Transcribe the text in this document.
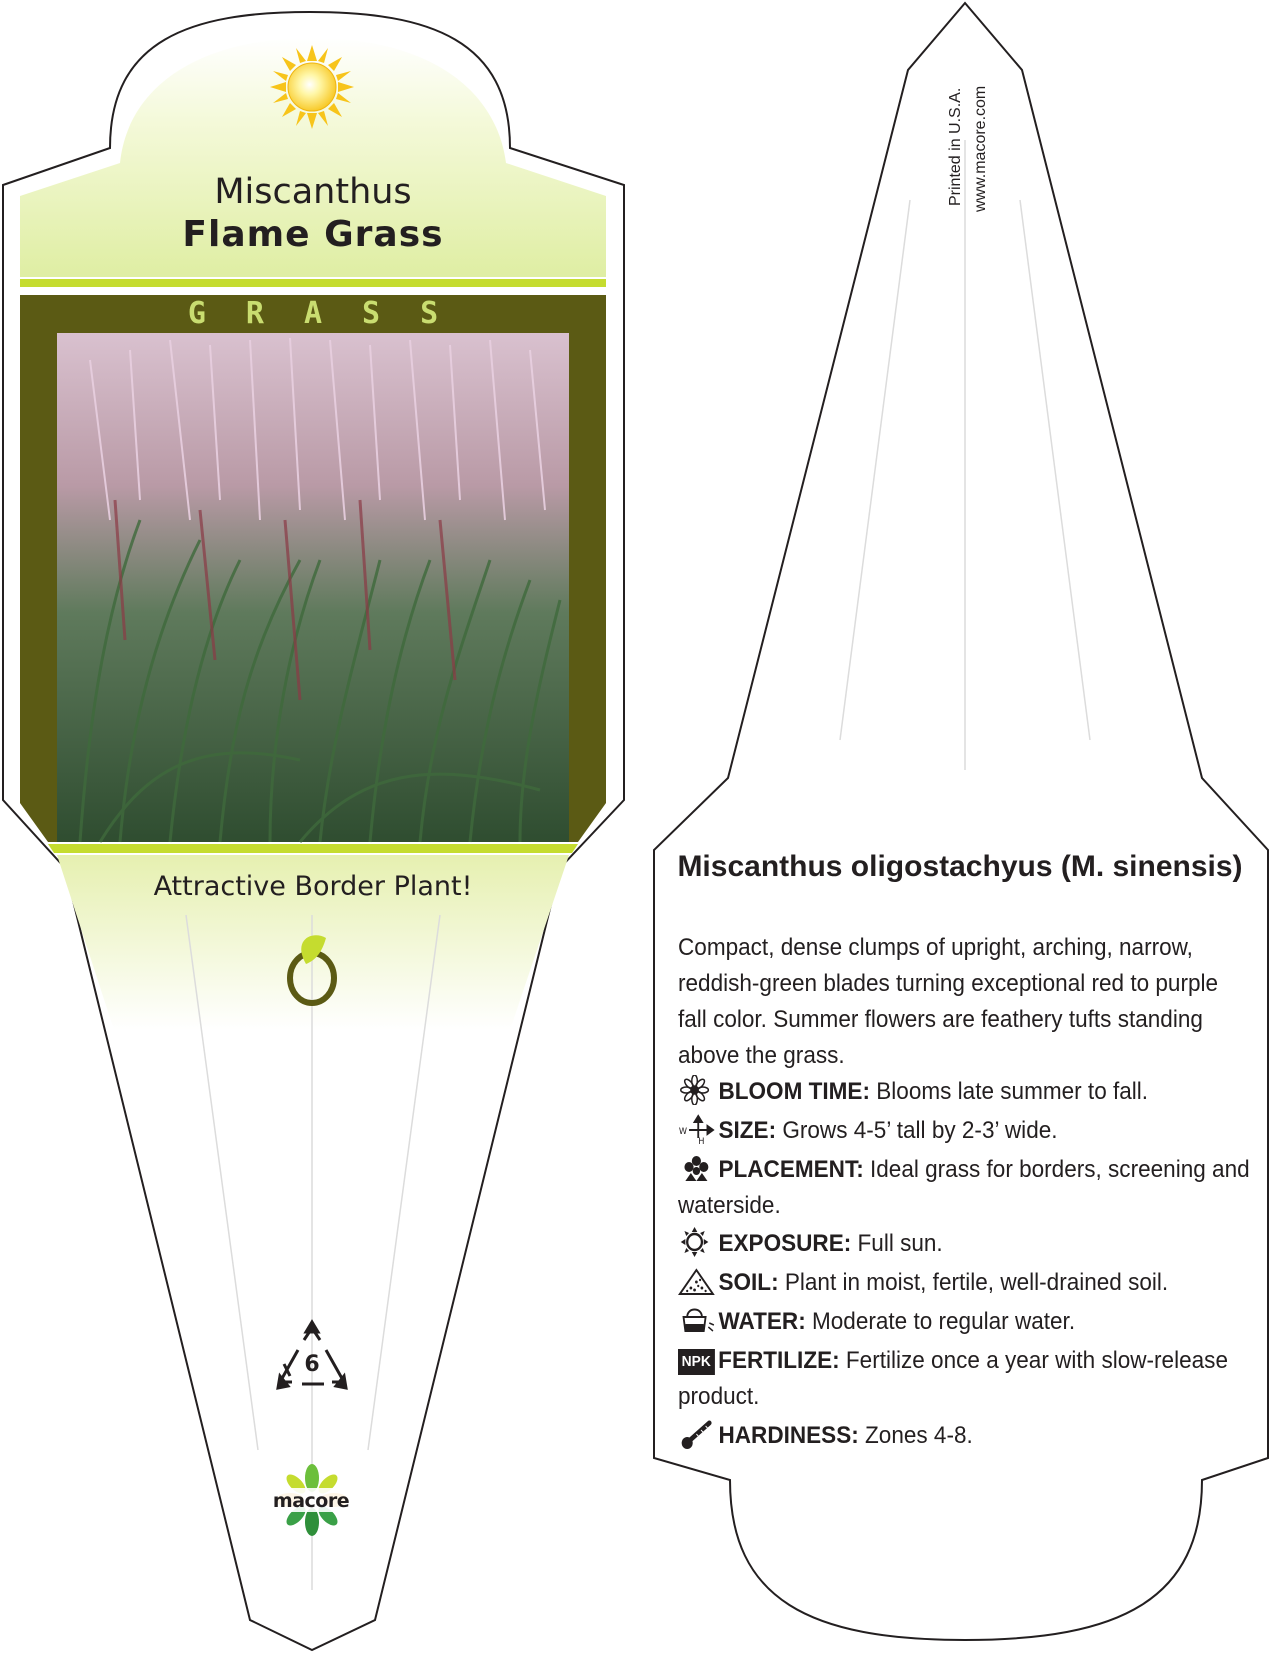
Miscanthus
Flame Grass
GRASS
Attractive Border Plant!
6
macore
Printed in U.S.A. www.macore.com
Miscanthus oligostachyus (M. sinensis)
Compact, dense clumps of upright, arching, narrow, reddish-green blades turning exceptional red to purple fall color. Summer flowers are feathery tufts standing above the grass.
BLOOM TIME: Blooms late summer to fall.
W
H SIZE: Grows 4-5’ tall by 2-3’ wide.
PLACEMENT: Ideal grass for borders, screening and waterside.
EXPOSURE: Full sun.
SOIL: Plant in moist, fertile, well-drained soil.
WATER: Moderate to regular water.
NPK FERTILIZE: Fertilize once a year with slow-release product.
HARDINESS: Zones 4-8.
